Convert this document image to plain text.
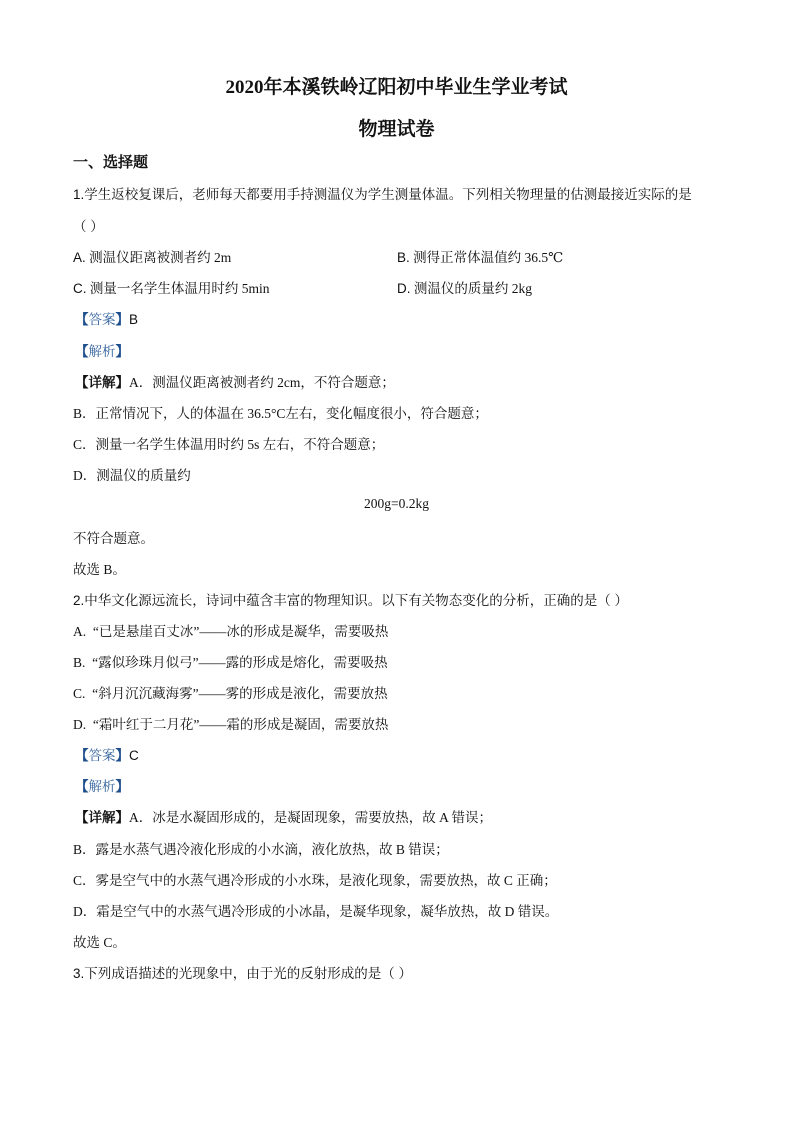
2020年本溪铁岭辽阳初中毕业生学业考试
物理试卷
一、选择题
1.学生返校复课后，老师每天都要用手持测温仪为学生测量体温。下列相关物理量的估测最接近实际的是
（ ）
A. 测温仪距离被测者约 2m	B. 测得正常体温值约 36.5℃
C. 测量一名学生体温用时约 5min	D. 测温仪的质量约 2kg
【答案】B
【解析】
【详解】A．测温仪距离被测者约 2cm，不符合题意；
B．正常情况下，人的体温在 36.5°C左右，变化幅度很小，符合题意；
C．测量一名学生体温用时约 5s 左右，不符合题意；
D．测温仪的质量约
200g=0.2kg
不符合题意。
故选 B。
2.中华文化源远流长，诗词中蕴含丰富的物理知识。以下有关物态变化的分析，正确的是（ ）
A. “已是悬崖百丈冰”——冰的形成是凝华，需要吸热
B. “露似珍珠月似弓”——露的形成是熔化，需要吸热
C. “斜月沉沉藏海雾”——雾的形成是液化，需要放热
D. “霜叶红于二月花”——霜的形成是凝固，需要放热
【答案】C
【解析】
【详解】A．冰是水凝固形成的，是凝固现象，需要放热，故 A 错误；
B．露是水蒸气遇冷液化形成的小水滴，液化放热，故 B 错误；
C．雾是空气中的水蒸气遇冷形成的小水珠，是液化现象，需要放热，故 C 正确；
D．霜是空气中的水蒸气遇冷形成的小冰晶，是凝华现象，凝华放热，故 D 错误。
故选 C。
3.下列成语描述的光现象中，由于光的反射形成的是（ ）
